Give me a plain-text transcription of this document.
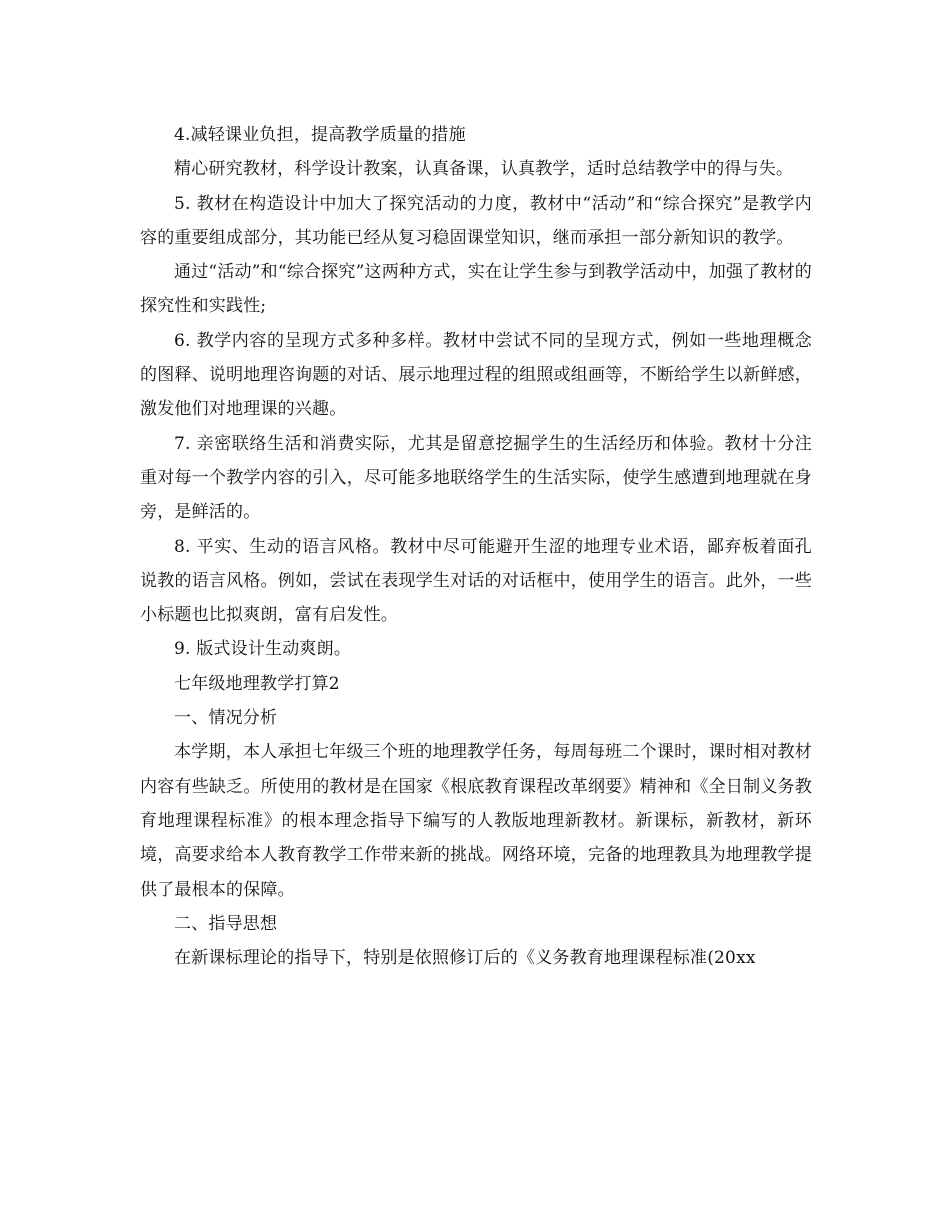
4.减轻课业负担，提高教学质量的措施

精心研究教材，科学设计教案，认真备课，认真教学，适时总结教学中的得与失。

5. 教材在构造设计中加大了探究活动的力度，教材中“活动”和“综合探究”是教学内容的重要组成部分，其功能已经从复习稳固课堂知识，继而承担一部分新知识的教学。

通过“活动”和“综合探究”这两种方式，实在让学生参与到教学活动中，加强了教材的探究性和实践性;

6. 教学内容的呈现方式多种多样。教材中尝试不同的呈现方式，例如一些地理概念的图释、说明地理咨询题的对话、展示地理过程的组照或组画等，不断给学生以新鲜感，激发他们对地理课的兴趣。

7. 亲密联络生活和消费实际，尤其是留意挖掘学生的生活经历和体验。教材十分注重对每一个教学内容的引入，尽可能多地联络学生的生活实际，使学生感遭到地理就在身旁，是鲜活的。

8. 平实、生动的语言风格。教材中尽可能避开生涩的地理专业术语，鄙弃板着面孔说教的语言风格。例如，尝试在表现学生对话的对话框中，使用学生的语言。此外，一些小标题也比拟爽朗，富有启发性。

9. 版式设计生动爽朗。

七年级地理教学打算2

一、情况分析

本学期，本人承担七年级三个班的地理教学任务，每周每班二个课时，课时相对教材内容有些缺乏。所使用的教材是在国家《根底教育课程改革纲要》精神和《全日制义务教育地理课程标准》的根本理念指导下编写的人教版地理新教材。新课标，新教材，新环境，高要求给本人教育教学工作带来新的挑战。网络环境，完备的地理教具为地理教学提供了最根本的保障。

二、指导思想

在新课标理论的指导下，特别是依照修订后的《义务教育地理课程标准(20xx
